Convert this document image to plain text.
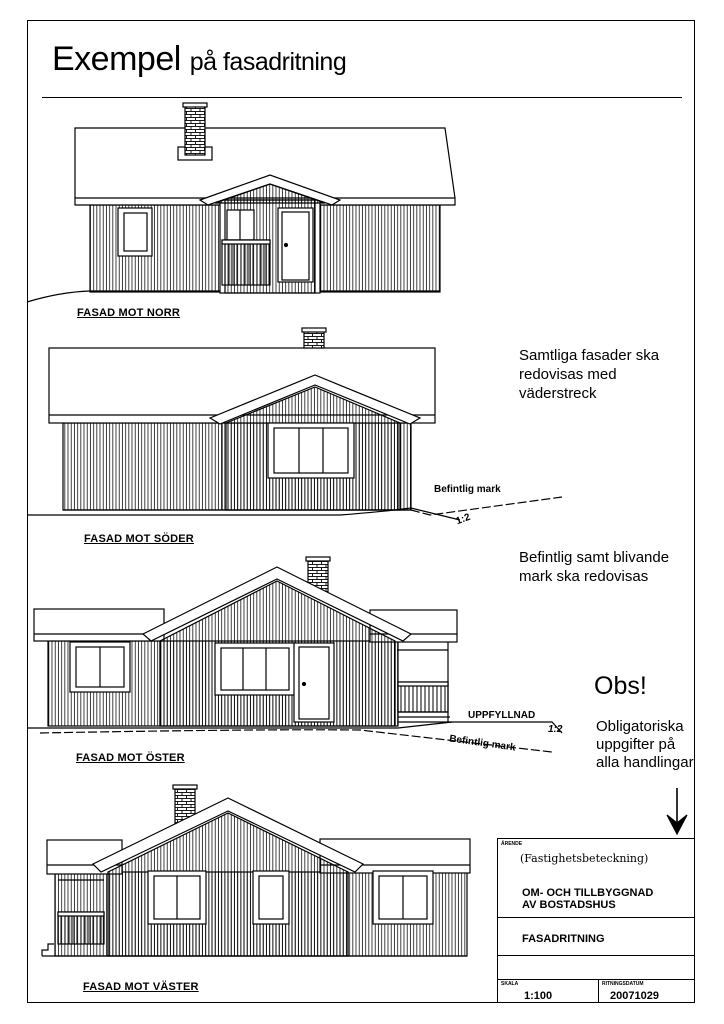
Exempel på fasadritning
FASAD MOT NORR
FASAD MOT SÖDER
FASAD MOT ÖSTER
FASAD MOT VÄSTER
Samtliga fasader ska redovisas med väderstreck
Befintlig samt blivande mark ska redovisas
Obs!
Obligatoriska uppgifter på alla handlingar
Befintlig mark
1:2
UPPFYLLNAD
1:2
Befintlig mark
ÄRENDE
(Fastighetsbeteckning)
OM- OCH TILLBYGGNAD
AV BOSTADSHUS
FASADRITNING
SKALA	RITNINGSDATUM
1:100	20071029
